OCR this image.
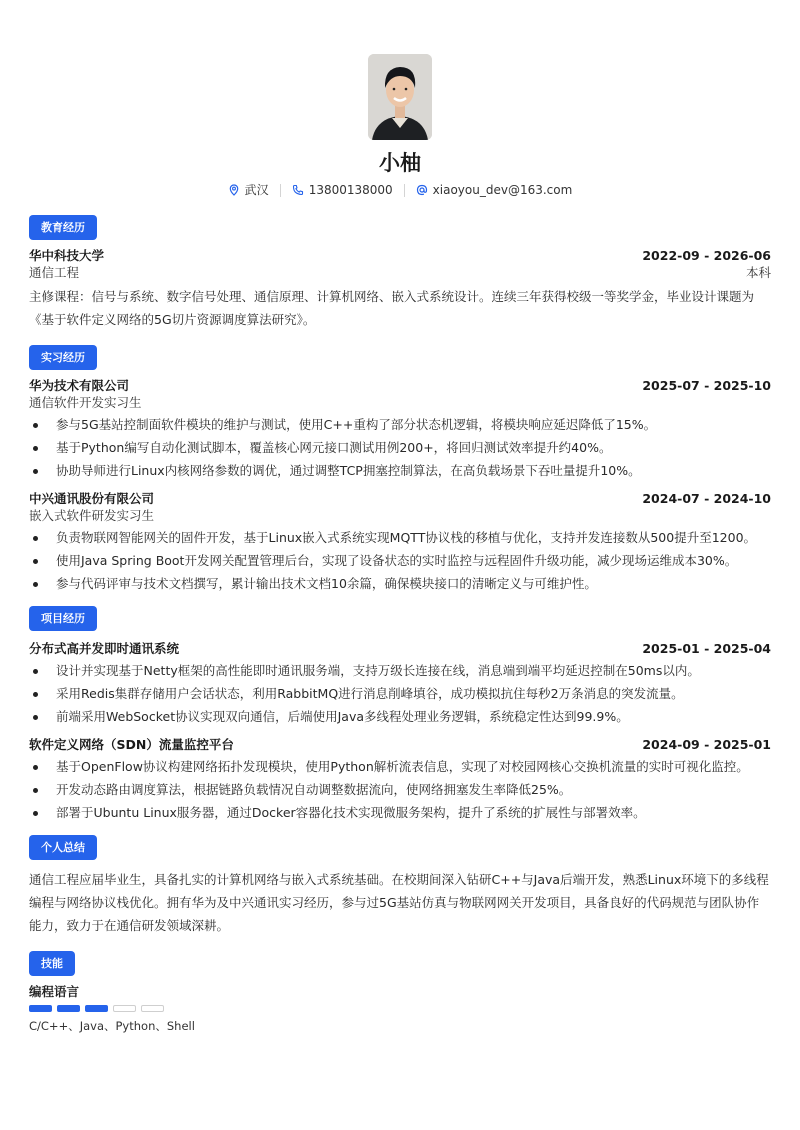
小柚
武汉	13800138000	xiaoyou_dev@163.com
教育经历
华中科技大学	2022-09 - 2026-06
通信工程	本科
主修课程：信号与系统、数字信号处理、通信原理、计算机网络、嵌入式系统设计。连续三年获得校级一等奖学金，毕业设计课题为《基于软件定义网络的5G切片资源调度算法研究》。
实习经历
华为技术有限公司	2025-07 - 2025-10
通信软件开发实习生
参与5G基站控制面软件模块的维护与测试，使用C++重构了部分状态机逻辑，将模块响应延迟降低了15%。
基于Python编写自动化测试脚本，覆盖核心网元接口测试用例200+，将回归测试效率提升约40%。
协助导师进行Linux内核网络参数的调优，通过调整TCP拥塞控制算法，在高负载场景下吞吐量提升10%。
中兴通讯股份有限公司	2024-07 - 2024-10
嵌入式软件研发实习生
负责物联网智能网关的固件开发，基于Linux嵌入式系统实现MQTT协议栈的移植与优化，支持并发连接数从500提升至1200。
使用Java Spring Boot开发网关配置管理后台，实现了设备状态的实时监控与远程固件升级功能，减少现场运维成本30%。
参与代码评审与技术文档撰写，累计输出技术文档10余篇，确保模块接口的清晰定义与可维护性。
项目经历
分布式高并发即时通讯系统	2025-01 - 2025-04
设计并实现基于Netty框架的高性能即时通讯服务端，支持万级长连接在线，消息端到端平均延迟控制在50ms以内。
采用Redis集群存储用户会话状态，利用RabbitMQ进行消息削峰填谷，成功模拟抗住每秒2万条消息的突发流量。
前端采用WebSocket协议实现双向通信，后端使用Java多线程处理业务逻辑，系统稳定性达到99.9%。
软件定义网络（SDN）流量监控平台	2024-09 - 2025-01
基于OpenFlow协议构建网络拓扑发现模块，使用Python解析流表信息，实现了对校园网核心交换机流量的实时可视化监控。
开发动态路由调度算法，根据链路负载情况自动调整数据流向，使网络拥塞发生率降低25%。
部署于Ubuntu Linux服务器，通过Docker容器化技术实现微服务架构，提升了系统的扩展性与部署效率。
个人总结
通信工程应届毕业生，具备扎实的计算机网络与嵌入式系统基础。在校期间深入钻研C++与Java后端开发，熟悉Linux环境下的多线程编程与网络协议栈优化。拥有华为及中兴通讯实习经历，参与过5G基站仿真与物联网网关开发项目，具备良好的代码规范与团队协作能力，致力于在通信研发领域深耕。
技能
编程语言
C/C++、Java、Python、Shell
